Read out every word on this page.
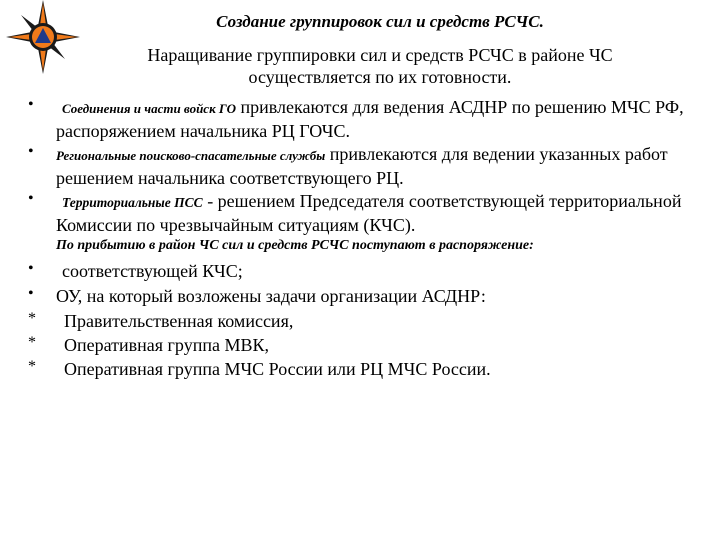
Создание группировок сил и средств РСЧС.
Наращивание группировки сил и средств РСЧС в районе ЧС осуществляется по их готовности.
•	Соединения и части войск ГО привлекаются для ведения АСДНР по решению МЧС РФ, распоряжением начальника РЦ ГОЧС.
• Региональные поисково-спасательные службы привлекаются для ведении указанных работ решением начальника соответствующего РЦ.
•	Территориальные ПСС - решением Председателя соответствующей территориальной Комиссии по чрезвычайным ситуациям (КЧС).
По прибытию в район ЧС сил и средств РСЧС поступают в распоряжение:
• соответствующей КЧС;
• ОУ, на который возложены задачи организации АСДНР:
* Правительственная комиссия,
* Оперативная группа МВК,
* Оперативная группа МЧС России или РЦ МЧС России.
